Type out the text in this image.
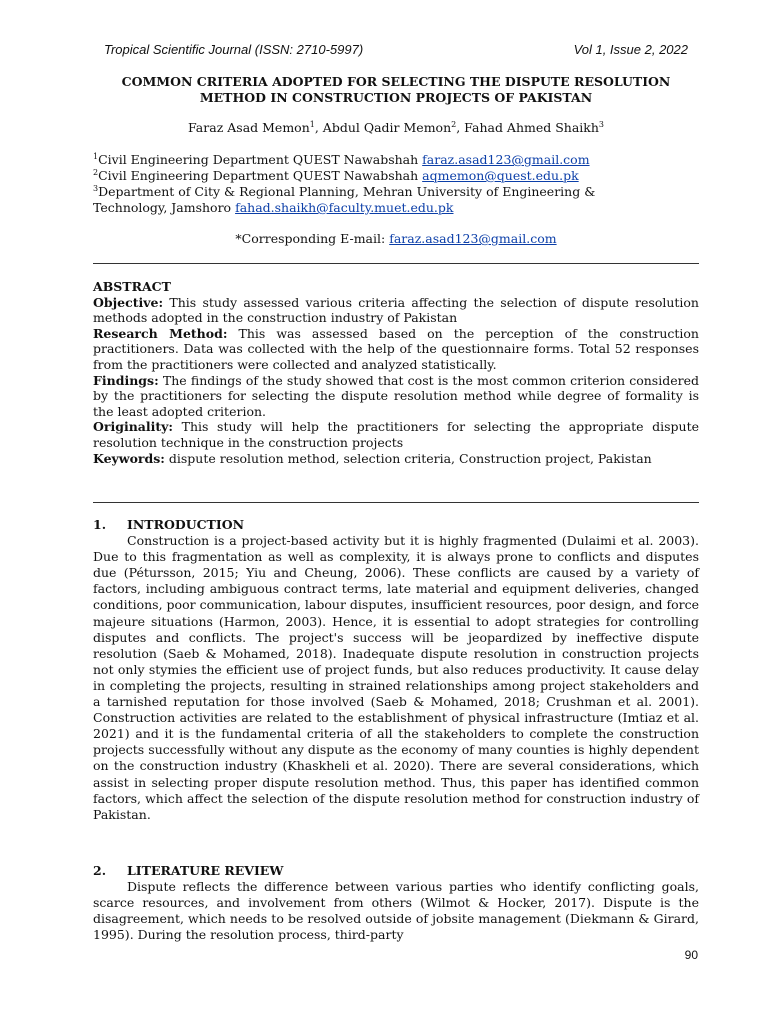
Tropical Scientific Journal (ISSN: 2710-5997)	Vol 1, Issue 2, 2022
COMMON CRITERIA ADOPTED FOR SELECTING THE DISPUTE RESOLUTION
METHOD IN CONSTRUCTION PROJECTS OF PAKISTAN
Faraz Asad Memon$^1$, Abdul Qadir Memon$^2$, Fahad Ahmed Shaikh$^3$
$^1$Civil Engineering Department QUEST Nawabshah faraz.asad123@gmail.com
$^2$Civil Engineering Department QUEST Nawabshah aqmemon@quest.edu.pk
$^3$Department of City & Regional Planning, Mehran University of Engineering &
Technology, Jamshoro fahad.shaikh@faculty.muet.edu.pk
*Corresponding E-mail: faraz.asad123@gmail.com

ABSTRACT

Objective: This study assessed various criteria affecting the selection of dispute resolution methods adopted in the construction industry of Pakistan

Research Method: This was assessed based on the perception of the construction practitioners. Data was collected with the help of the questionnaire forms. Total 52 responses from the practitioners were collected and analyzed statistically.

Findings: The findings of the study showed that cost is the most common criterion considered by the practitioners for selecting the dispute resolution method while degree of formality is the least adopted criterion.

Originality: This study will help the practitioners for selecting the appropriate dispute resolution technique in the construction projects

Keywords: dispute resolution method, selection criteria, Construction project, Pakistan

1. INTRODUCTION

Construction is a project-based activity but it is highly fragmented (Dulaimi et al. 2003). Due to this fragmentation as well as complexity, it is always prone to conflicts and disputes due (Pétursson, 2015; Yiu and Cheung, 2006). These conflicts are caused by a variety of factors, including ambiguous contract terms, late material and equipment deliveries, changed conditions, poor communication, labour disputes, insufficient resources, poor design, and force majeure situations (Harmon, 2003). Hence, it is essential to adopt strategies for controlling disputes and conflicts. The project's success will be jeopardized by ineffective dispute resolution (Saeb & Mohamed, 2018). Inadequate dispute resolution in construction projects not only stymies the efficient use of project funds, but also reduces productivity. It cause delay in completing the projects, resulting in strained relationships among project stakeholders and a tarnished reputation for those involved (Saeb & Mohamed, 2018; Crushman et al. 2001). Construction activities are related to the establishment of physical infrastructure (Imtiaz et al. 2021) and it is the fundamental criteria of all the stakeholders to complete the construction projects successfully without any dispute as the economy of many counties is highly dependent on the construction industry (Khaskheli et al. 2020). There are several considerations, which assist in selecting proper dispute resolution method. Thus, this paper has identified common factors, which affect the selection of the dispute resolution method for construction industry of Pakistan.

2. LITERATURE REVIEW

Dispute reflects the difference between various parties who identify conflicting goals, scarce resources, and involvement from others (Wilmot & Hocker, 2017). Dispute is the disagreement, which needs to be resolved outside of jobsite management (Diekmann & Girard, 1995). During the resolution process, third-party

90
